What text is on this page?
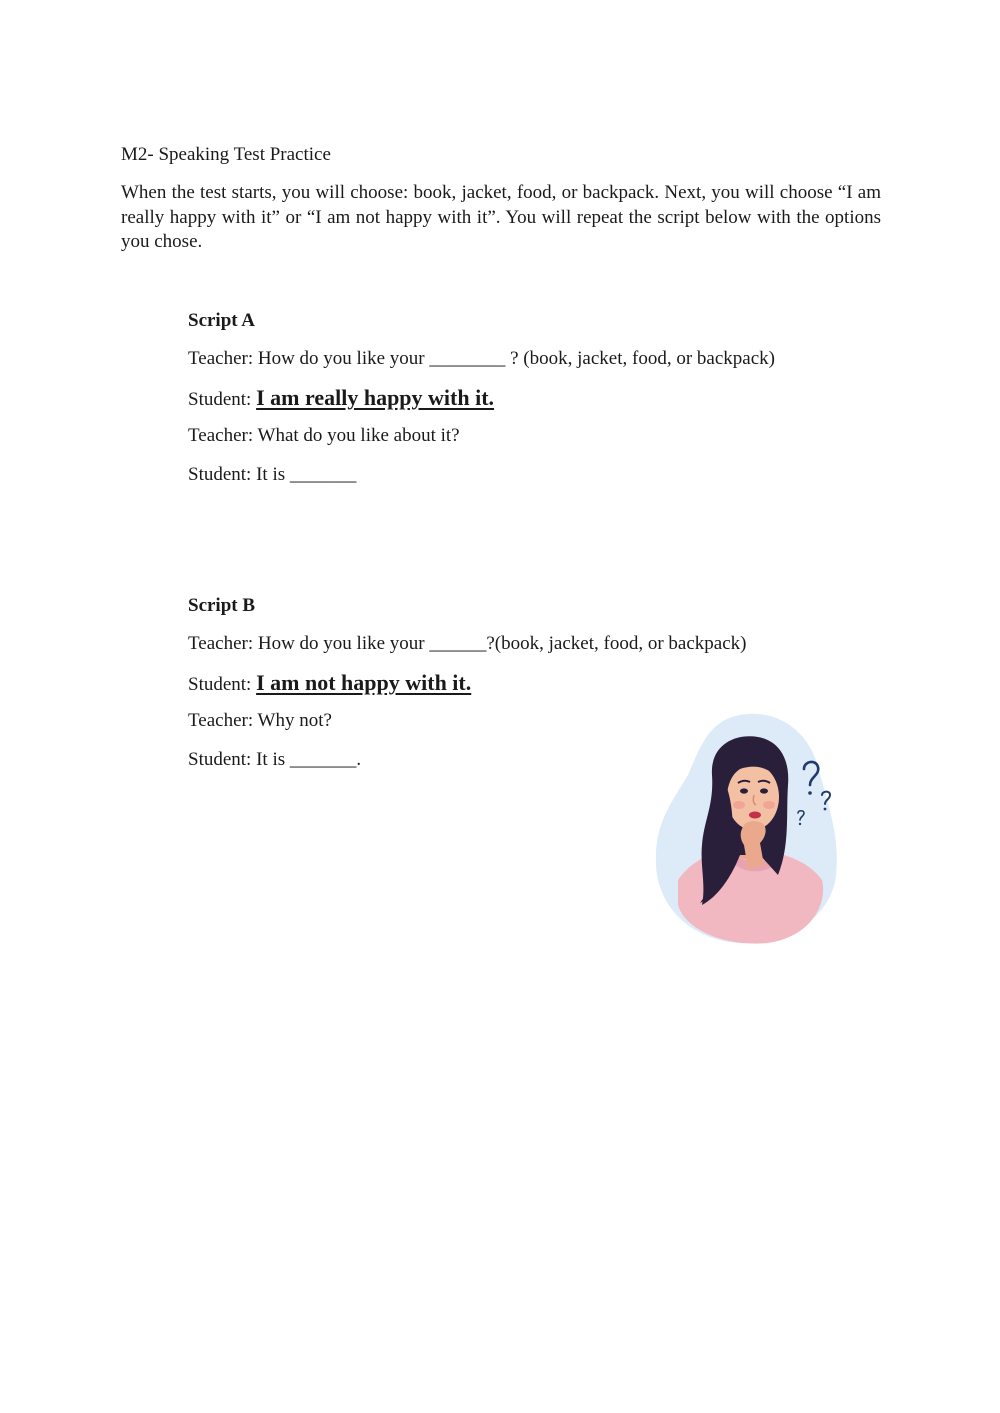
M2- Speaking Test Practice

When the test starts, you will choose: book, jacket, food, or backpack. Next, you will choose “I am really happy with it” or “I am not happy with it”. You will repeat the script below with the options you chose.

Script A

Teacher: How do you like your ________ ? (book, jacket, food, or backpack)

Student: I am really happy with it.

Teacher: What do you like about it?

Student: It is _______

Script B

Teacher: How do you like your ______?(book, jacket, food, or backpack)

Student: I am not happy with it.

Teacher: Why not?

Student: It is _______.
